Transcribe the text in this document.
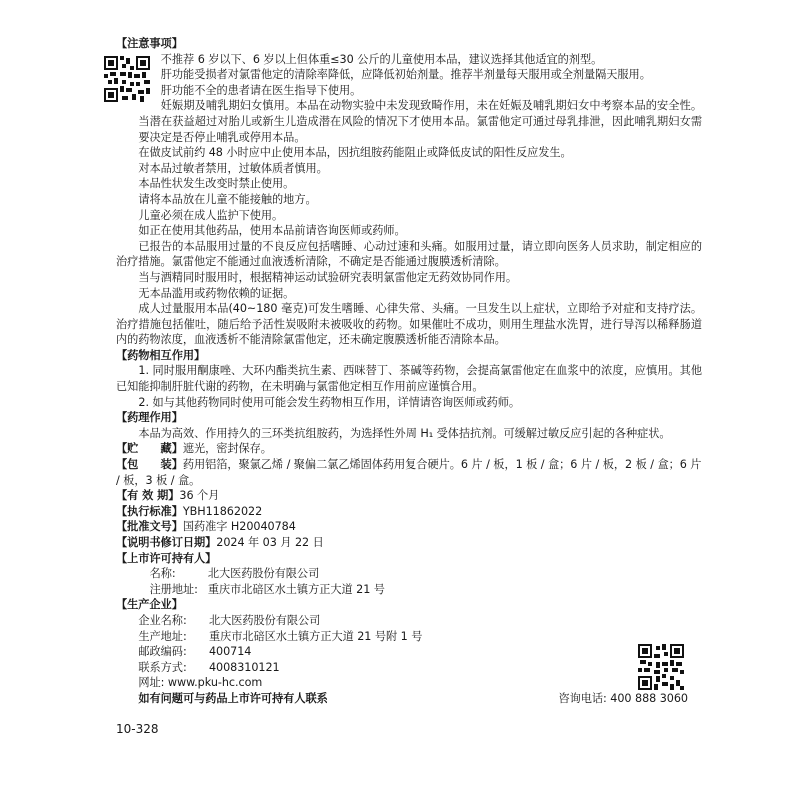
【注意事项】

不推荐 6 岁以下、6 岁以上但体重≤30 公斤的儿童使用本品，建议选择其他适宜的剂型。

肝功能受损者对氯雷他定的清除率降低，应降低初始剂量。推荐半剂量每天服用或全剂量隔天服用。

肝功能不全的患者请在医生指导下使用。

妊娠期及哺乳期妇女慎用。本品在动物实验中未发现致畸作用，未在妊娠及哺乳期妇女中考察本品的安全性。当潜在获益超过对胎儿或新生儿造成潜在风险的情况下才使用本品。氯雷他定可通过母乳排泄，因此哺乳期妇女需要决定是否停止哺乳或停用本品。

在做皮试前约 48 小时应中止使用本品，因抗组胺药能阻止或降低皮试的阳性反应发生。

对本品过敏者禁用，过敏体质者慎用。

本品性状发生改变时禁止使用。

请将本品放在儿童不能接触的地方。

儿童必须在成人监护下使用。

如正在使用其他药品，使用本品前请咨询医师或药师。

已报告的本品服用过量的不良反应包括嗜睡、心动过速和头痛。如服用过量，请立即向医务人员求助，制定相应的治疗措施。氯雷他定不能通过血液透析清除，不确定是否能通过腹膜透析清除。

当与酒精同时服用时，根据精神运动试验研究表明氯雷他定无药效协同作用。

无本品滥用或药物依赖的证据。

成人过量服用本品(40~180 毫克)可发生嗜睡、心律失常、头痛。一旦发生以上症状，立即给予对症和支持疗法。治疗措施包括催吐，随后给予活性炭吸附未被吸收的药物。如果催吐不成功，则用生理盐水洗胃，进行导泻以稀释肠道内的药物浓度，血液透析不能清除氯雷他定，还未确定腹膜透析能否清除本品。

【药物相互作用】

1. 同时服用酮康唑、大环内酯类抗生素、西咪替丁、茶碱等药物，会提高氯雷他定在血浆中的浓度，应慎用。其他已知能抑制肝脏代谢的药物，在未明确与氯雷他定相互作用前应谨慎合用。

2. 如与其他药物同时使用可能会发生药物相互作用，详情请咨询医师或药师。

【药理作用】

本品为高效、作用持久的三环类抗组胺药，为选择性外周 H₁ 受体拮抗剂。可缓解过敏反应引起的各种症状。

【贮　　藏】遮光，密封保存。

【包　　装】药用铝箔，聚氯乙烯 / 聚偏二氯乙烯固体药用复合硬片。6 片 / 板，1 板 / 盒；6 片 / 板，2 板 / 盒；6 片 / 板，3 板 / 盒。

【有 效 期】36 个月

【执行标准】YBH11862022

【批准文号】国药准字 H20040784

【说明书修订日期】2024 年 03 月 22 日

【上市许可持有人】

名称:	北大医药股份有限公司

注册地址: 重庆市北碚区水土镇方正大道 21 号

【生产企业】

企业名称: 北大医药股份有限公司

生产地址: 重庆市北碚区水土镇方正大道 21 号附 1 号

邮政编码: 400714

联系方式: 4008310121

网址: www.pku-hc.com

如有问题可与药品上市许可持有人联系	咨询电话: 400 888 3060

10-328
